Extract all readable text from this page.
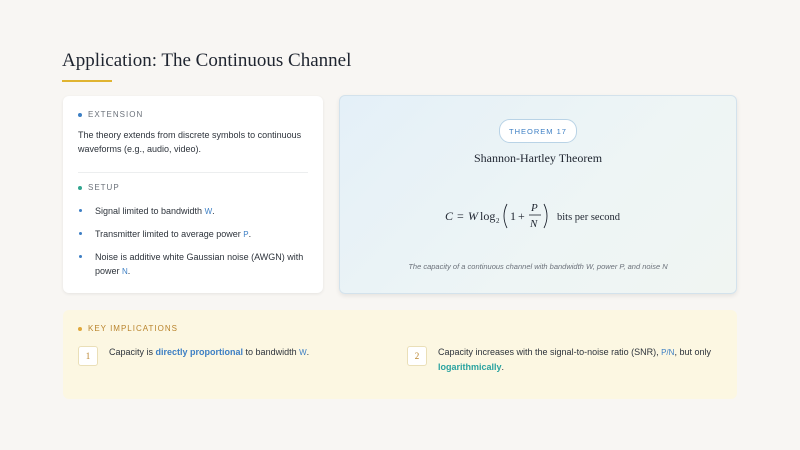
Application: The Continuous Channel
EXTENSION
The theory extends from discrete symbols to continuous waveforms (e.g., audio, video).
SETUP
Signal limited to bandwidth W.
Transmitter limited to average power P.
Noise is additive white Gaussian noise (AWGN) with power N.
THEOREM 17
Shannon-Hartley Theorem
C = W log 2 1 +
P
N
bits per second
The capacity of a continuous channel with bandwidth W, power P, and noise N
KEY IMPLICATIONS
1	Capacity is directly proportional to bandwidth W.	2	Capacity increases with the signal-to-noise ratio (SNR), P/N, but only logarithmically.
